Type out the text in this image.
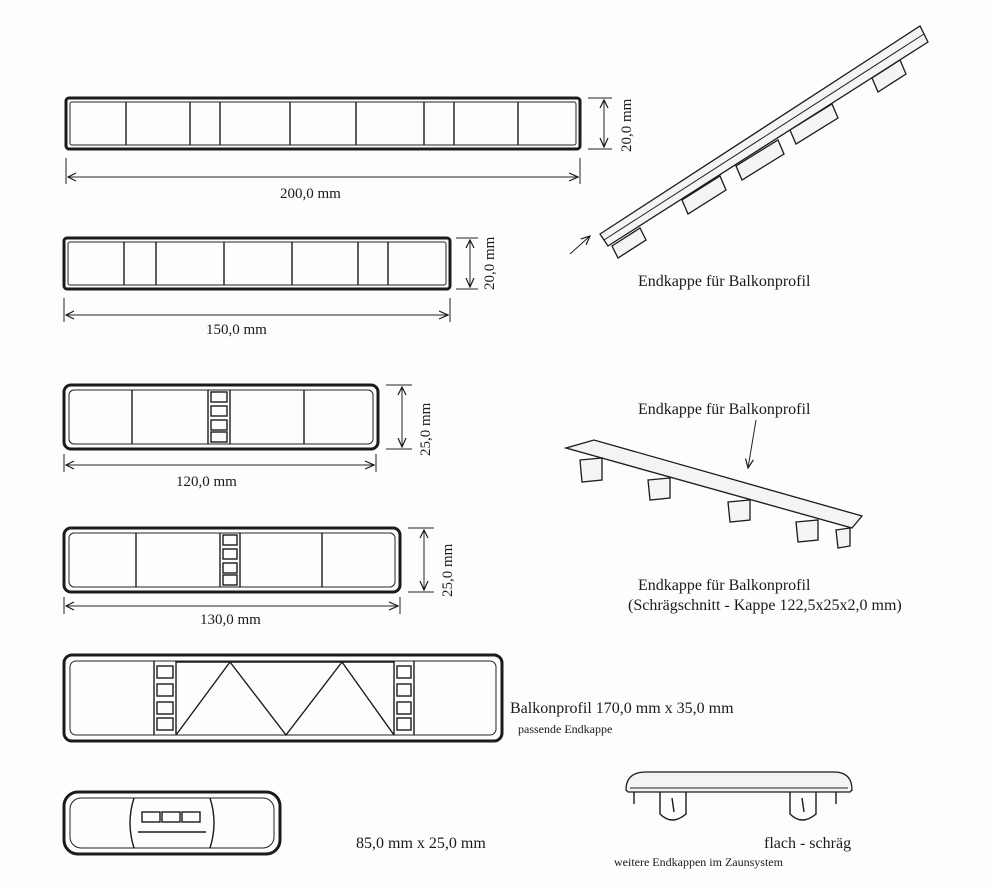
200,0 mm
20,0 mm
150,0 mm
20,0 mm
120,0 mm
25,0 mm
130,0 mm
25,0 mm
Balkonprofil 170,0 mm x 35,0 mm
passende Endkappe
85,0 mm x 25,0 mm
Endkappe für Balkonprofil
Endkappe für Balkonprofil
Endkappe für Balkonprofil
(Schrägschnitt - Kappe 122,5x25x2,0 mm)
flach - schräg
weitere Endkappen im Zaunsystem
